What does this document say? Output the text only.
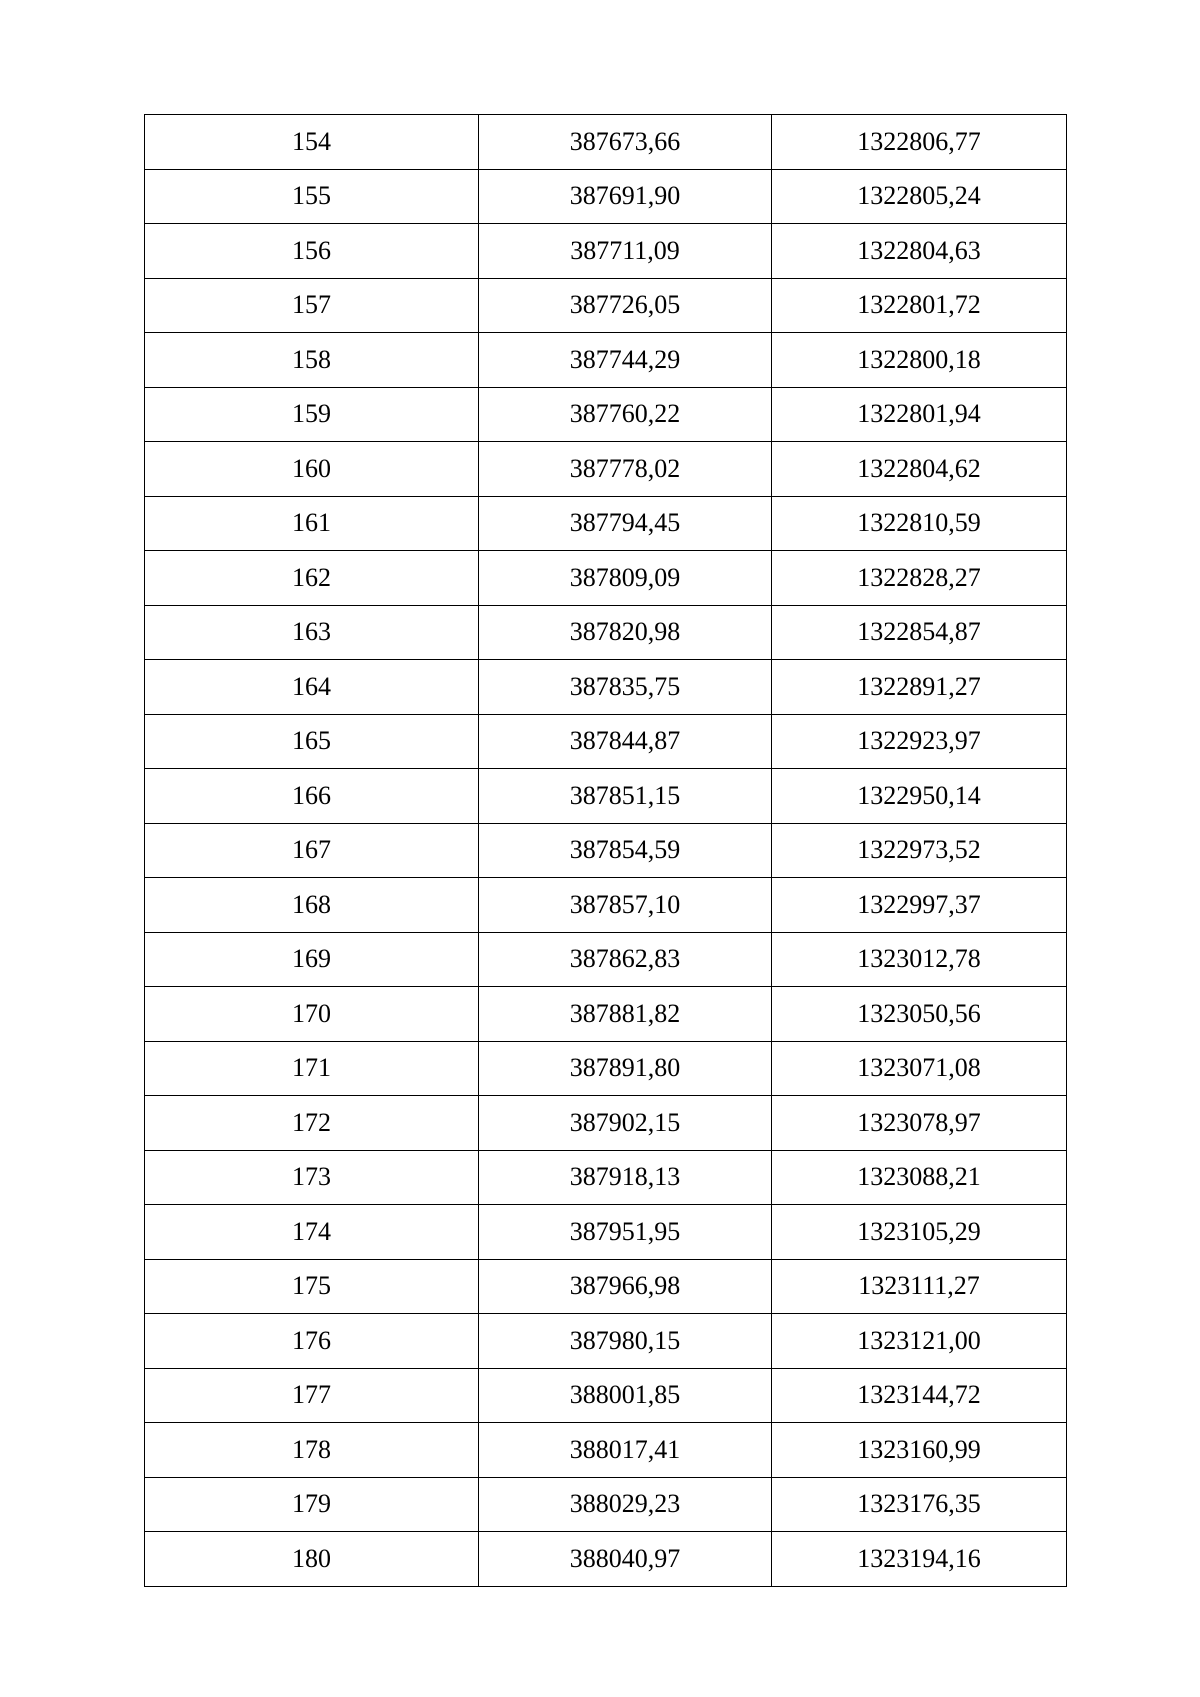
154	387673,66	1322806,77
155	387691,90	1322805,24
156	387711,09	1322804,63
157	387726,05	1322801,72
158	387744,29	1322800,18
159	387760,22	1322801,94
160	387778,02	1322804,62
161	387794,45	1322810,59
162	387809,09	1322828,27
163	387820,98	1322854,87
164	387835,75	1322891,27
165	387844,87	1322923,97
166	387851,15	1322950,14
167	387854,59	1322973,52
168	387857,10	1322997,37
169	387862,83	1323012,78
170	387881,82	1323050,56
171	387891,80	1323071,08
172	387902,15	1323078,97
173	387918,13	1323088,21
174	387951,95	1323105,29
175	387966,98	1323111,27
176	387980,15	1323121,00
177	388001,85	1323144,72
178	388017,41	1323160,99
179	388029,23	1323176,35
180	388040,97	1323194,16
